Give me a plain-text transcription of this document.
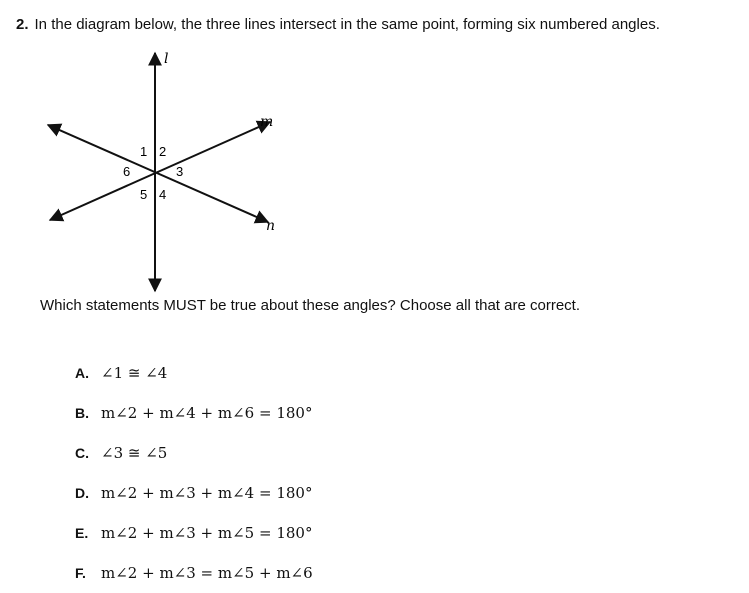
2. In the diagram below, the three lines intersect in the same point, forming six numbered angles.
l
m
n
1 2
3
4
5
6
Which statements MUST be true about these angles? Choose all that are correct.
A. ∠1 ≅ ∠4
B. m∠2 + m∠4 + m∠6 = 180°
C. ∠3 ≅ ∠5
D. m∠2 + m∠3 + m∠4 = 180°
E. m∠2 + m∠3 + m∠5 = 180°
F.	m∠2 + m∠3 = m∠5 + m∠6
